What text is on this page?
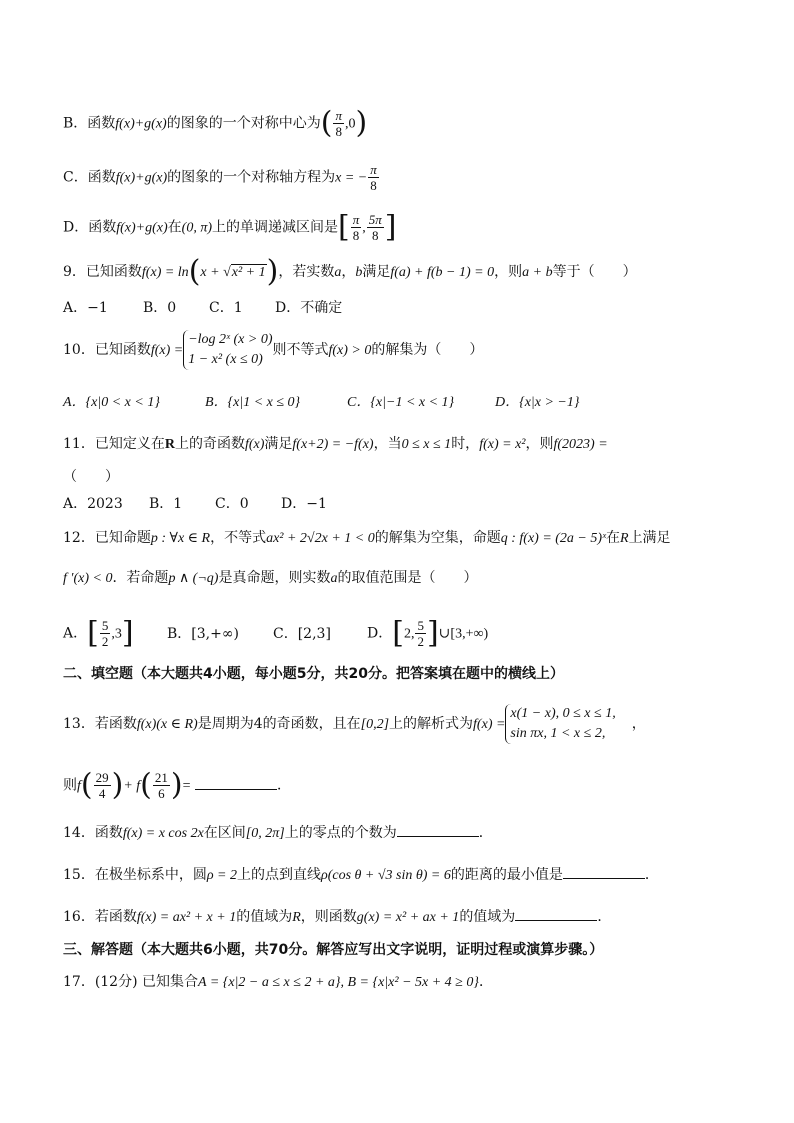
B．函数f(x)+g(x)的图象的一个对称中心为( $\frac{\pi}{8} ,0$)
C．函数f(x)+g(x)的图象的一个对称轴方程为x = − $\frac{\pi}{8}$
D．函数f(x)+g(x)在(0, π)上的单调递减区间是[ $\frac{\pi}{8}$ , $\frac{5\pi}{8}$ ]
9．已知函数f(x) = ln(x + √x² + 1)，若实数a，b满足f(a) + f(b − 1) = 0，则a + b等于（　　）
A．−1	B．0 C．1 D．不确定
10．已知函数f(x) =
−log 2ˣ (x > 0)
1 − x² (x ≤ 0)
则不等式f(x) > 0的解集为（　　）
A．{x|0 < x < 1}	B．{x|1 < x ≤ 0}	C．{x|−1 < x < 1}	D．{x|x > −1}
11．已知定义在R上的奇函数f(x)满足f(x+2) = −f(x)，当0 ≤ x ≤ 1时，f(x) = x²，则f(2023) =
（　　）
A．2023 B．1 C．0 D．−1
12．已知命题p : ∀x ∈ R，不等式ax² + 2√2x + 1 < 0的解集为空集，命题q : f(x) = (2a − 5)ˣ在R上满足
f ′(x) < 0．若命题p ∧ (¬q)是真命题，则实数a的取值范围是（　　）
A．[ $\frac{5}{2} ,3$] B．[3,+∞) C．[2,3]	D．[2, $\frac{5}{2}$ ]∪[3,+∞)
二、填空题（本大题共4小题，每小题5分，共20分。把答案填在题中的横线上）
13．若函数f(x)(x ∈ R)是周期为4的奇函数，且在[0,2]上的解析式为f(x) =
x(1 − x), 0 ≤ x ≤ 1,
sin πx, 1 < x ≤ 2,
，
则$f( \frac{29}{4}$ )+ $f( \frac{21}{6}$ )=	．
14．函数f(x) = x cos 2x在区间[0, 2π]上的零点的个数为	．
15．在极坐标系中，圆ρ = 2上的点到直线ρ(cos θ + √3 sin θ) = 6的距离的最小值是	．
16．若函数f(x) = ax² + x + 1的值域为R，则函数g(x) = x² + ax + 1的值域为	．
三、解答题（本大题共6小题，共70分。解答应写出文字说明，证明过程或演算步骤。）
17．(12分) 已知集合A = {x|2 − a ≤ x ≤ 2 + a}, B = {x|x² − 5x + 4 ≥ 0}．
